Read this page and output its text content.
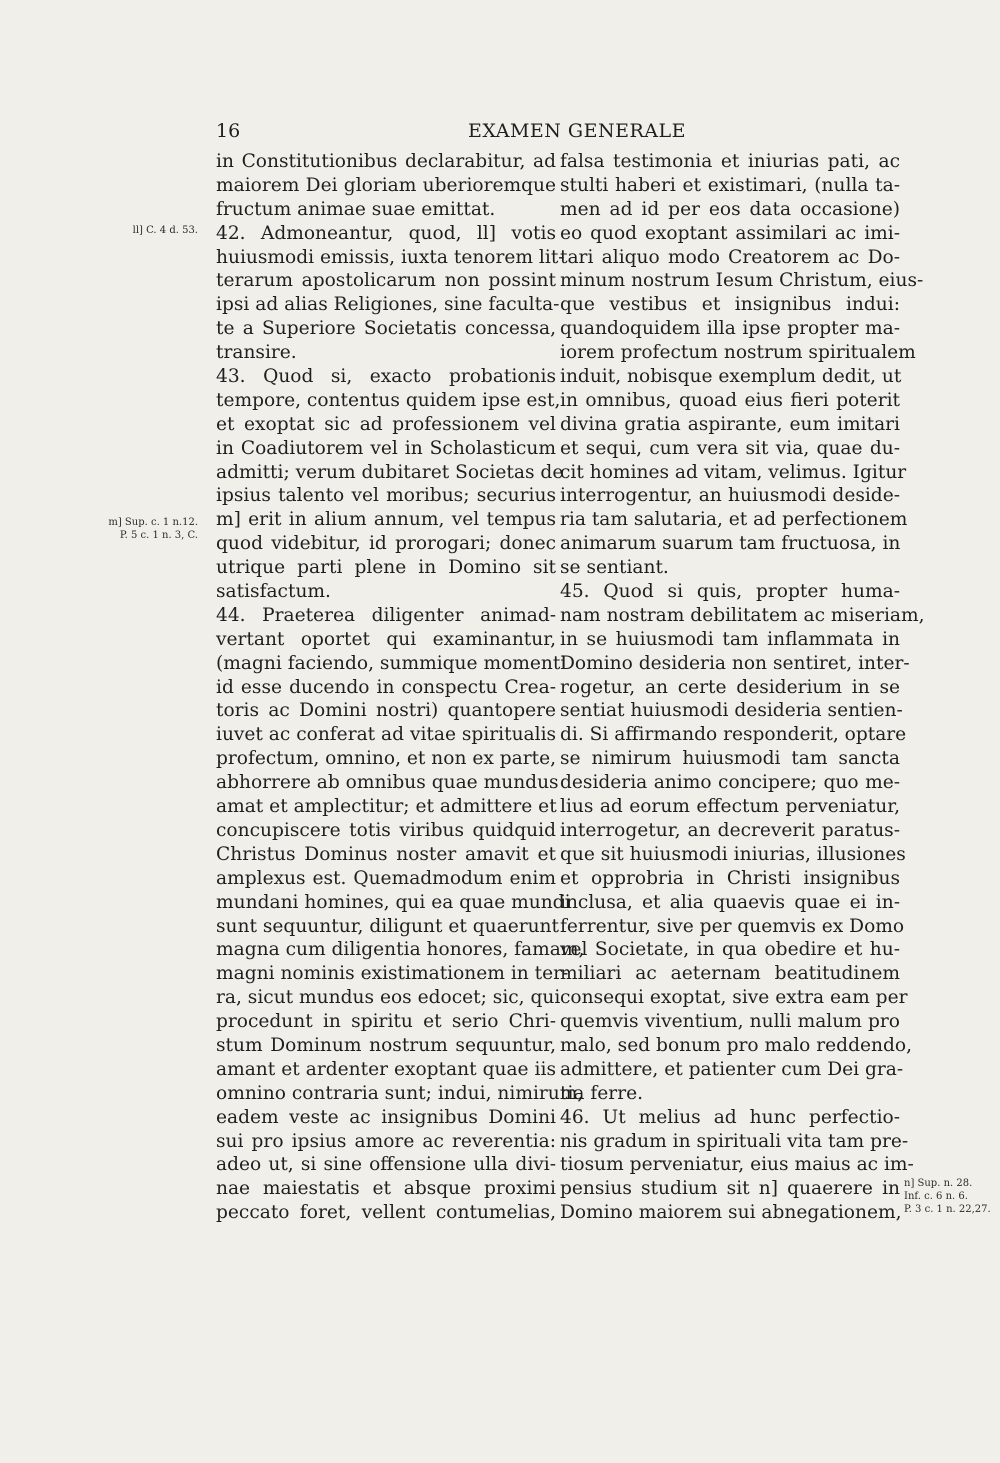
16	EXAMEN GENERALE
ll] C. 4 d. 53.
m] Sup. c. 1 n.12.
P. 5 c. 1 n. 3, C.
n] Sup. n. 28.
Inf. c. 6 n. 6.
P. 3 c. 1 n. 22,27.
in Constitutionibus declarabitur, ad
maiorem Dei gloriam uberioremque
fructum animae suae emittat.
42. Admoneantur, quod, ll] votis
huiusmodi emissis, iuxta tenorem lit-
terarum apostolicarum non possint
ipsi ad alias Religiones, sine faculta-
te a Superiore Societatis concessa,
transire.
43. Quod si, exacto probationis
tempore, contentus quidem ipse est,
et exoptat sic ad professionem vel
in Coadiutorem vel in Scholasticum
admitti; verum dubitaret Societas de
ipsius talento vel moribus; securius
m] erit in alium annum, vel tempus
quod videbitur, id prorogari; donec
utrique parti plene in Domino sit
satisfactum.
44. Praeterea diligenter animad-
vertant oportet qui examinantur,
(magni faciendo, summique momenti
id esse ducendo in conspectu Crea-
toris ac Domini nostri) quantopere
iuvet ac conferat ad vitae spiritualis
profectum, omnino, et non ex parte,
abhorrere ab omnibus quae mundus
amat et amplectitur; et admittere et
concupiscere totis viribus quidquid
Christus Dominus noster amavit et
amplexus est. Quemadmodum enim
mundani homines, qui ea quae mundi
sunt sequuntur, diligunt et quaerunt
magna cum diligentia honores, famam,
magni nominis existimationem in ter-
ra, sicut mundus eos edocet; sic, qui
procedunt in spiritu et serio Chri-
stum Dominum nostrum sequuntur,
amant et ardenter exoptant quae iis
omnino contraria sunt; indui, nimirum,
eadem veste ac insignibus Domini
sui pro ipsius amore ac reverentia:
adeo ut, si sine offensione ulla divi-
nae maiestatis et absque proximi
peccato foret, vellent contumelias,
falsa testimonia et iniurias pati, ac
stulti haberi et existimari, (nulla ta-
men ad id per eos data occasione)
eo quod exoptant assimilari ac imi-
tari aliquo modo Creatorem ac Do-
minum nostrum Iesum Christum, eius-
que vestibus et insignibus indui:
quandoquidem illa ipse propter ma-
iorem profectum nostrum spiritualem
induit, nobisque exemplum dedit, ut
in omnibus, quoad eius fieri poterit
divina gratia aspirante, eum imitari
et sequi, cum vera sit via, quae du-
cit homines ad vitam, velimus. Igitur
interrogentur, an huiusmodi deside-
ria tam salutaria, et ad perfectionem
animarum suarum tam fructuosa, in
se sentiant.
45. Quod si quis, propter huma-
nam nostram debilitatem ac miseriam,
in se huiusmodi tam inflammata in
Domino desideria non sentiret, inter-
rogetur, an certe desiderium in se
sentiat huiusmodi desideria sentien-
di. Si affirmando responderit, optare
se nimirum huiusmodi tam sancta
desideria animo concipere; quo me-
lius ad eorum effectum perveniatur,
interrogetur, an decreverit paratus-
que sit huiusmodi iniurias, illusiones
et opprobria in Christi insignibus
inclusa, et alia quaevis quae ei in-
ferrentur, sive per quemvis ex Domo
vel Societate, in qua obedire et hu-
miliari ac aeternam beatitudinem
consequi exoptat, sive extra eam per
quemvis viventium, nulli malum pro
malo, sed bonum pro malo reddendo,
admittere, et patienter cum Dei gra-
tia ferre.
46. Ut melius ad hunc perfectio-
nis gradum in spirituali vita tam pre-
tiosum perveniatur, eius maius ac im-
pensius studium sit n] quaerere in
Domino maiorem sui abnegationem,
